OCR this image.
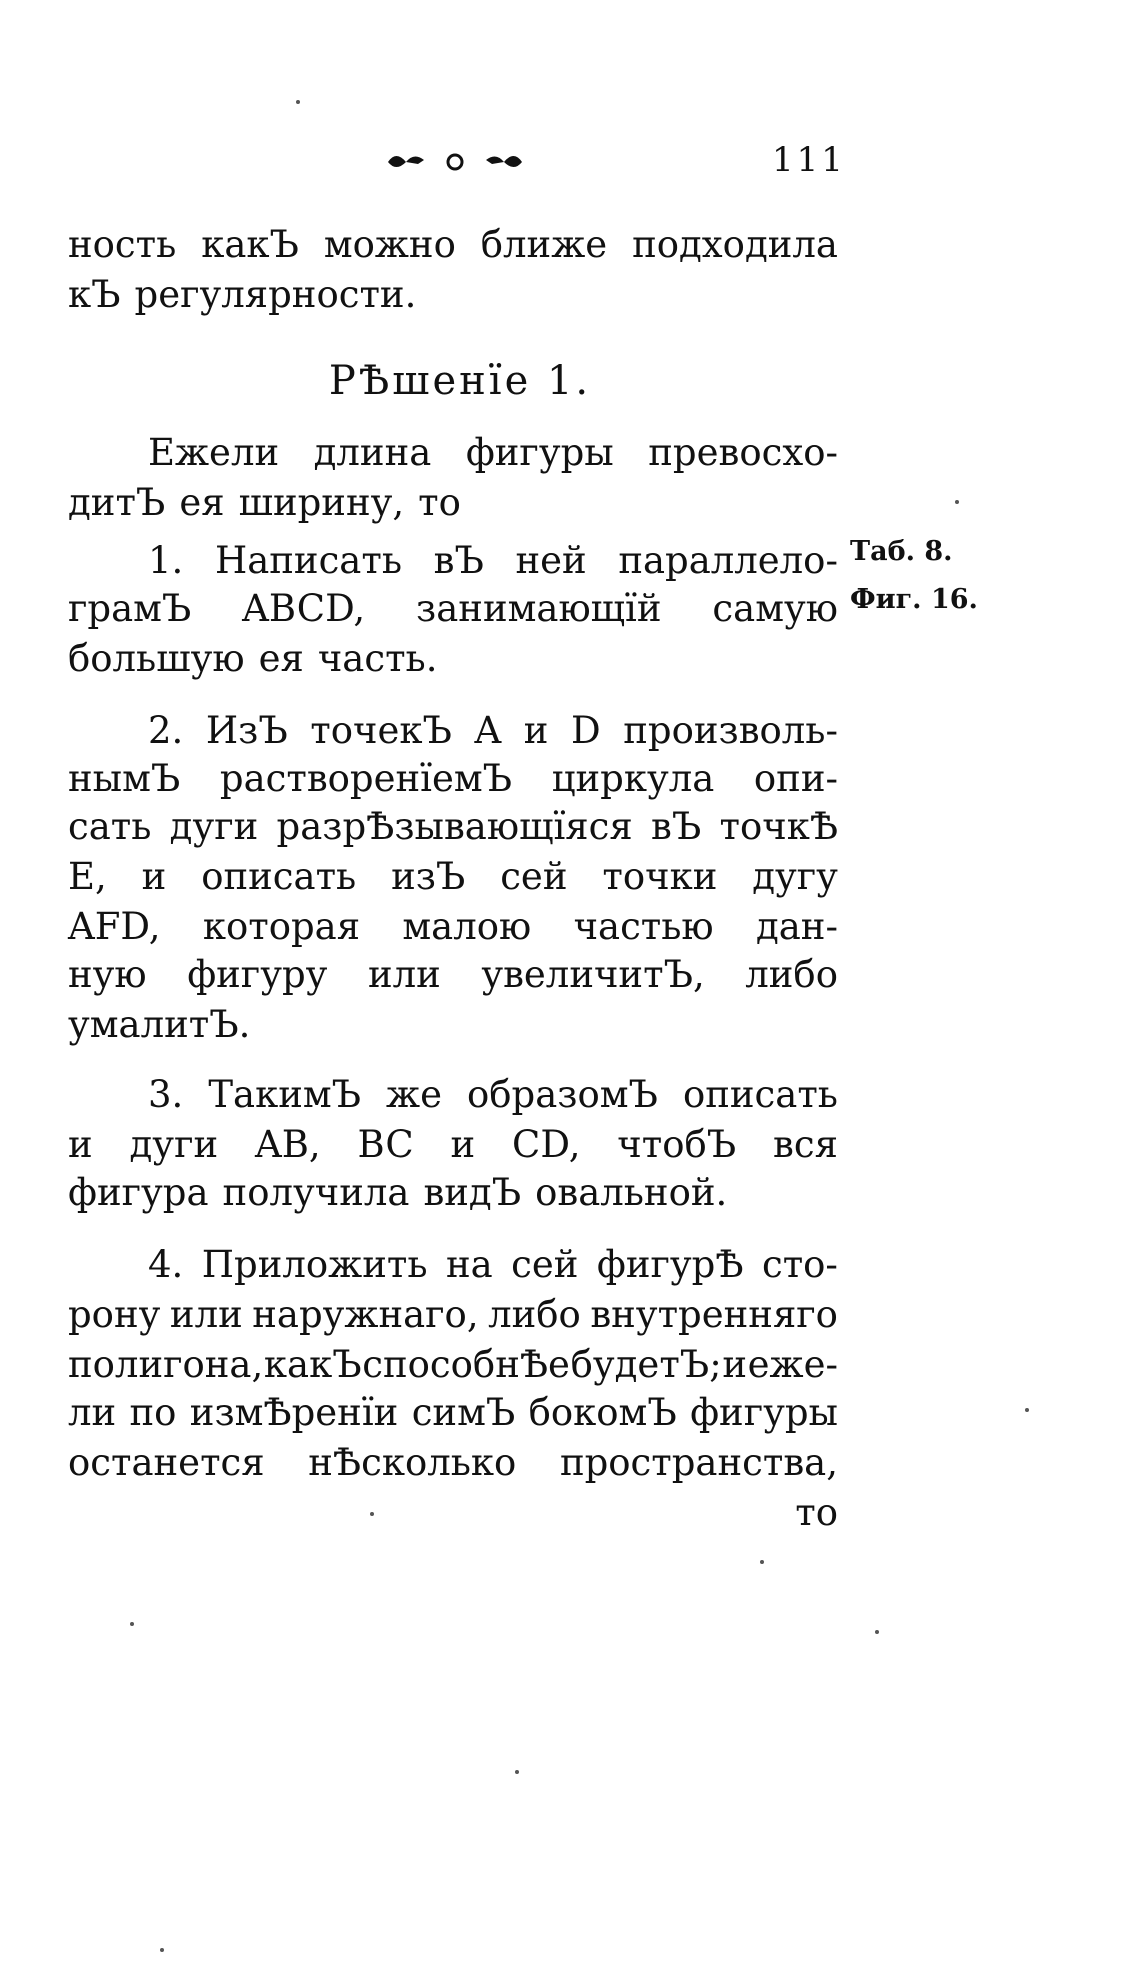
111
ность какЪ можно ближе подходила
кЪ регулярности.
Ежели длина фигуры превосхо-
дитЪ ея ширину, то
1. Написать вЪ ней параллело-
грамЪ ABCD, занимающїй самую
большую ея часть.
2. ИзЪ точекЪ A и D произволь-
нымЪ растворенїемЪ циркула опи-
сать дуги разрѢзывающїяся вЪ точкѢ
E, и описать изЪ сей точки дугу
AFD, которая малою частью дан-
ную фигуру или увеличитЪ, либо
умалитЪ.
3. ТакимЪ же образомЪ описать
и дуги AB, BC и CD, чтобЪ вся
фигура получила видЪ овальной.
4. Приложить на сей фигурѢ сто-
рону или наружнаго, либо внутренняго
полигона, какЪ способнѢе будетЪ; и еже-
ли по измѢренїи симЪ бокомЪ фигуры
останется нѢсколько пространства,
то
РѢшенїе 1.
Таб. 8.
Фиг. 16.
